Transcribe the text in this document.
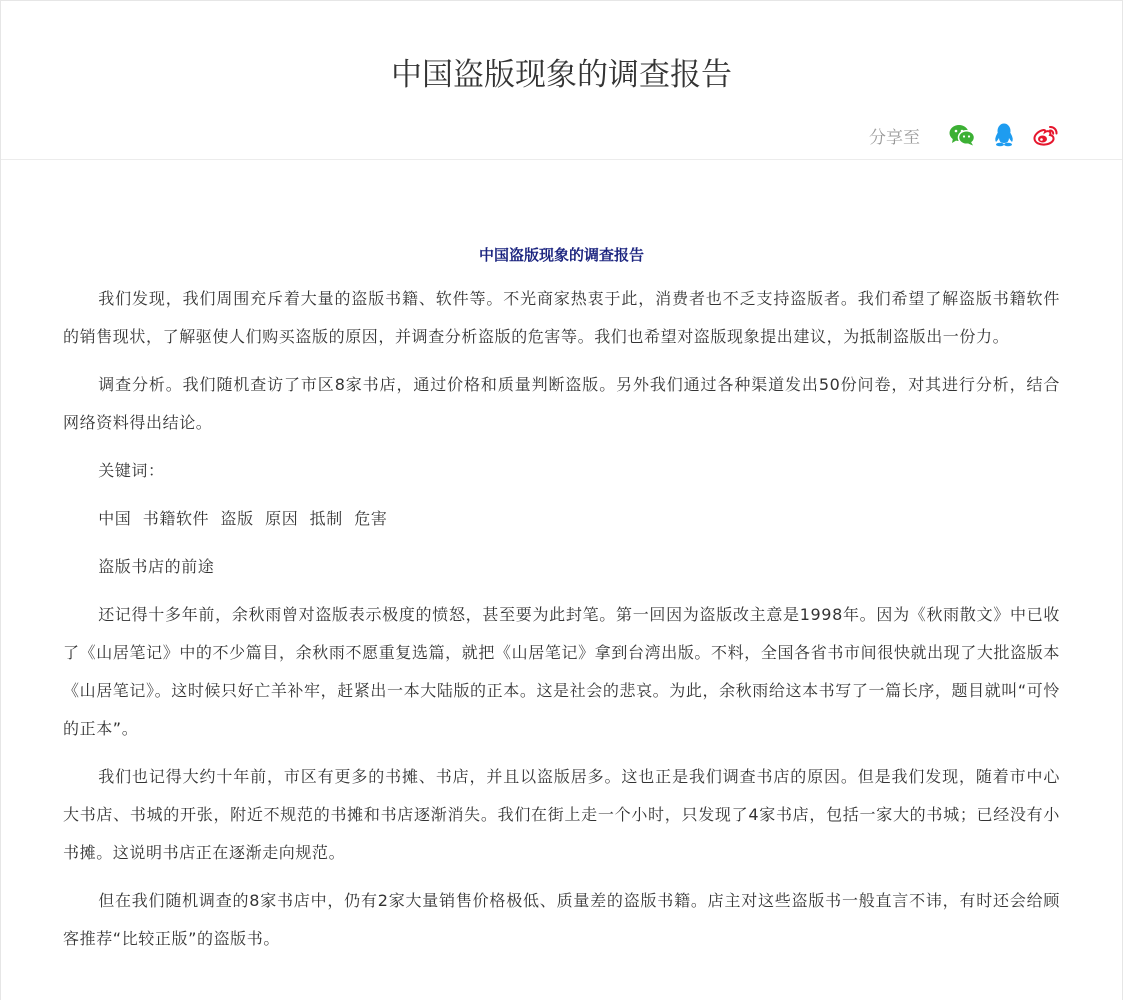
中国盗版现象的调查报告
分享至
中国盗版现象的调查报告

我们发现，我们周围充斥着大量的盗版书籍、软件等。不光商家热衷于此，消费者也不乏支持盗版者。我们希望了解盗版书籍软件的销售现状，了解驱使人们购买盗版的原因，并调查分析盗版的危害等。我们也希望对盗版现象提出建议，为抵制盗版出一份力。

调查分析。我们随机查访了市区8家书店，通过价格和质量判断盗版。另外我们通过各种渠道发出50份问卷，对其进行分析，结合网络资料得出结论。

关键词：

中国  书籍软件  盗版  原因  抵制  危害

盗版书店的前途

还记得十多年前，余秋雨曾对盗版表示极度的愤怒，甚至要为此封笔。第一回因为盗版改主意是1998年。因为《秋雨散文》中已收了《山居笔记》中的不少篇目，余秋雨不愿重复选篇，就把《山居笔记》拿到台湾出版。不料，全国各省书市间很快就出现了大批盗版本《山居笔记》。这时候只好亡羊补牢，赶紧出一本大陆版的正本。这是社会的悲哀。为此，余秋雨给这本书写了一篇长序，题目就叫“可怜的正本”。

我们也记得大约十年前，市区有更多的书摊、书店，并且以盗版居多。这也正是我们调查书店的原因。但是我们发现，随着市中心大书店、书城的开张，附近不规范的书摊和书店逐渐消失。我们在街上走一个小时，只发现了4家书店，包括一家大的书城；已经没有小书摊。这说明书店正在逐渐走向规范。

但在我们随机调查的8家书店中，仍有2家大量销售价格极低、质量差的盗版书籍。店主对这些盗版书一般直言不讳，有时还会给顾客推荐“比较正版”的盗版书。
